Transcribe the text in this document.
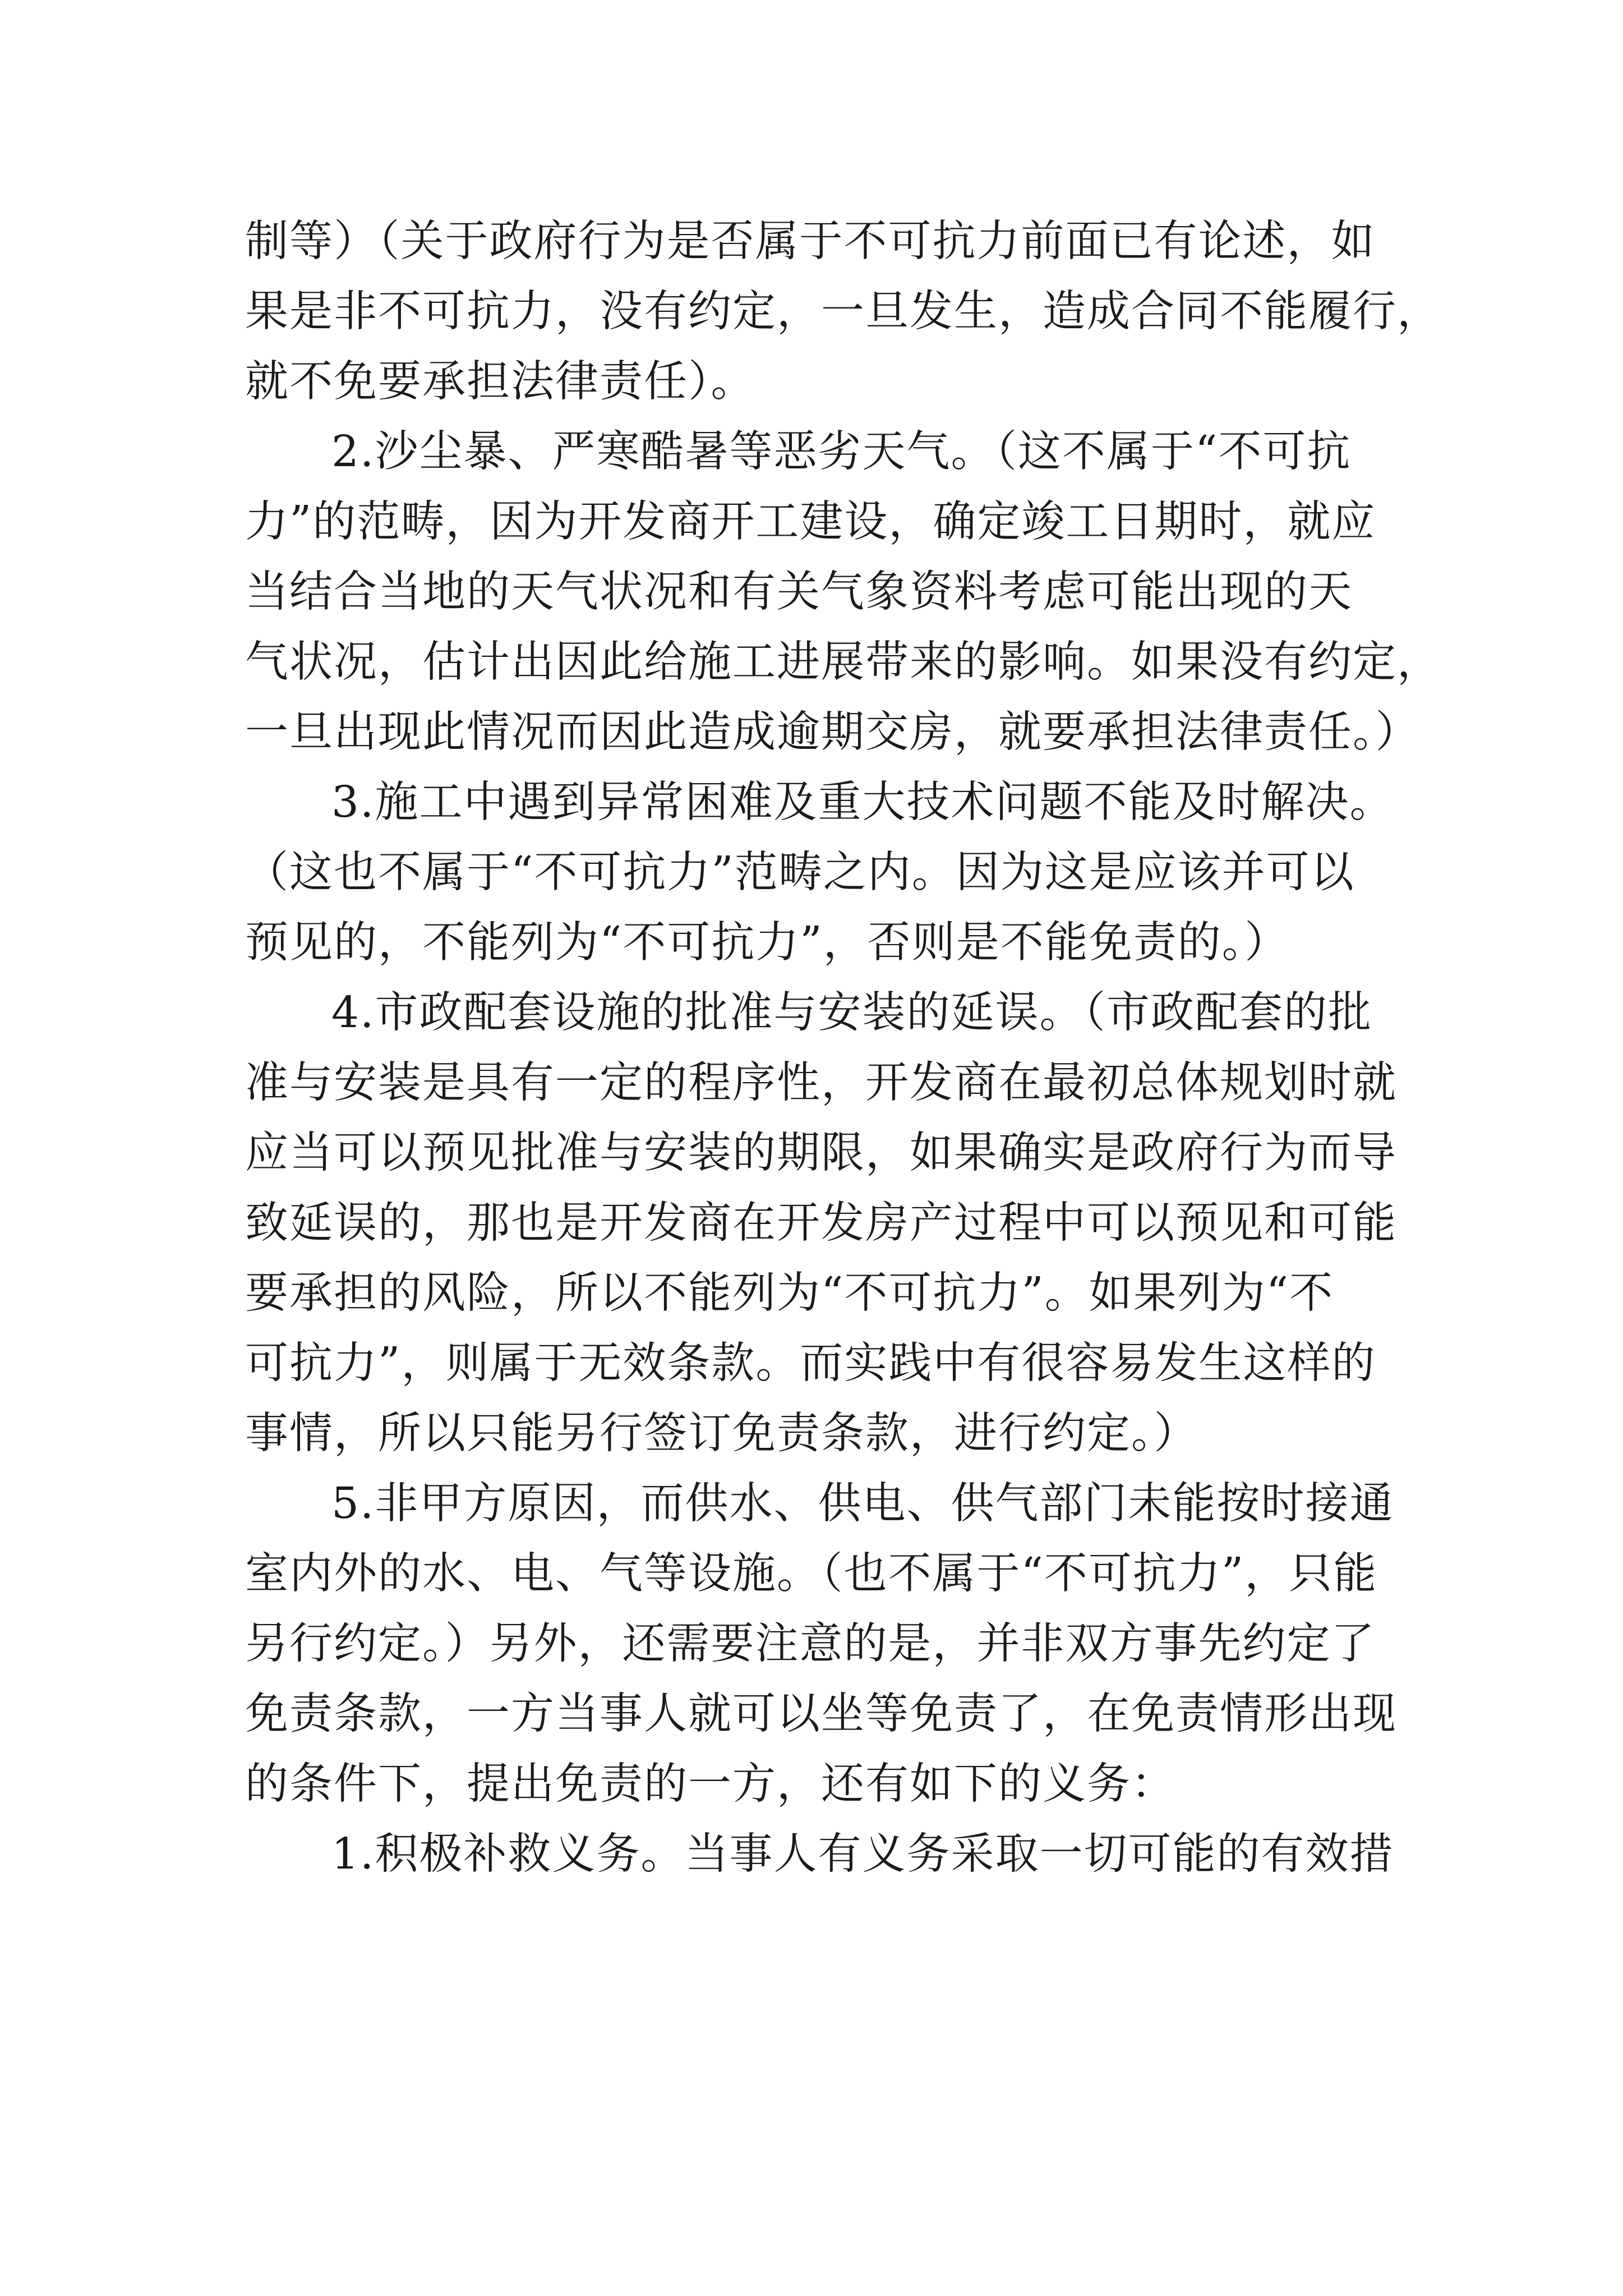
制等）（关于政府行为是否属于不可抗力前面已有论述，如
果是非不可抗力，没有约定，一旦发生，造成合同不能履行，
就不免要承担法律责任）。
2.沙尘暴、严寒酷暑等恶劣天气。（这不属于“不可抗
力”的范畴，因为开发商开工建设，确定竣工日期时，就应
当结合当地的天气状况和有关气象资料考虑可能出现的天
气状况，估计出因此给施工进展带来的影响。如果没有约定，
一旦出现此情况而因此造成逾期交房，就要承担法律责任。）
3.施工中遇到异常困难及重大技术问题不能及时解决。
（这也不属于“不可抗力”范畴之内。因为这是应该并可以
预见的，不能列为“不可抗力”，否则是不能免责的。）
4.市政配套设施的批准与安装的延误。（市政配套的批
准与安装是具有一定的程序性，开发商在最初总体规划时就
应当可以预见批准与安装的期限，如果确实是政府行为而导
致延误的，那也是开发商在开发房产过程中可以预见和可能
要承担的风险，所以不能列为“不可抗力”。如果列为“不
可抗力”，则属于无效条款。而实践中有很容易发生这样的
事情，所以只能另行签订免责条款，进行约定。）
5.非甲方原因，而供水、供电、供气部门未能按时接通
室内外的水、电、气等设施。（也不属于“不可抗力”，只能
另行约定。）另外，还需要注意的是，并非双方事先约定了
免责条款，一方当事人就可以坐等免责了，在免责情形出现
的条件下，提出免责的一方，还有如下的义务：
1.积极补救义务。当事人有义务采取一切可能的有效措
